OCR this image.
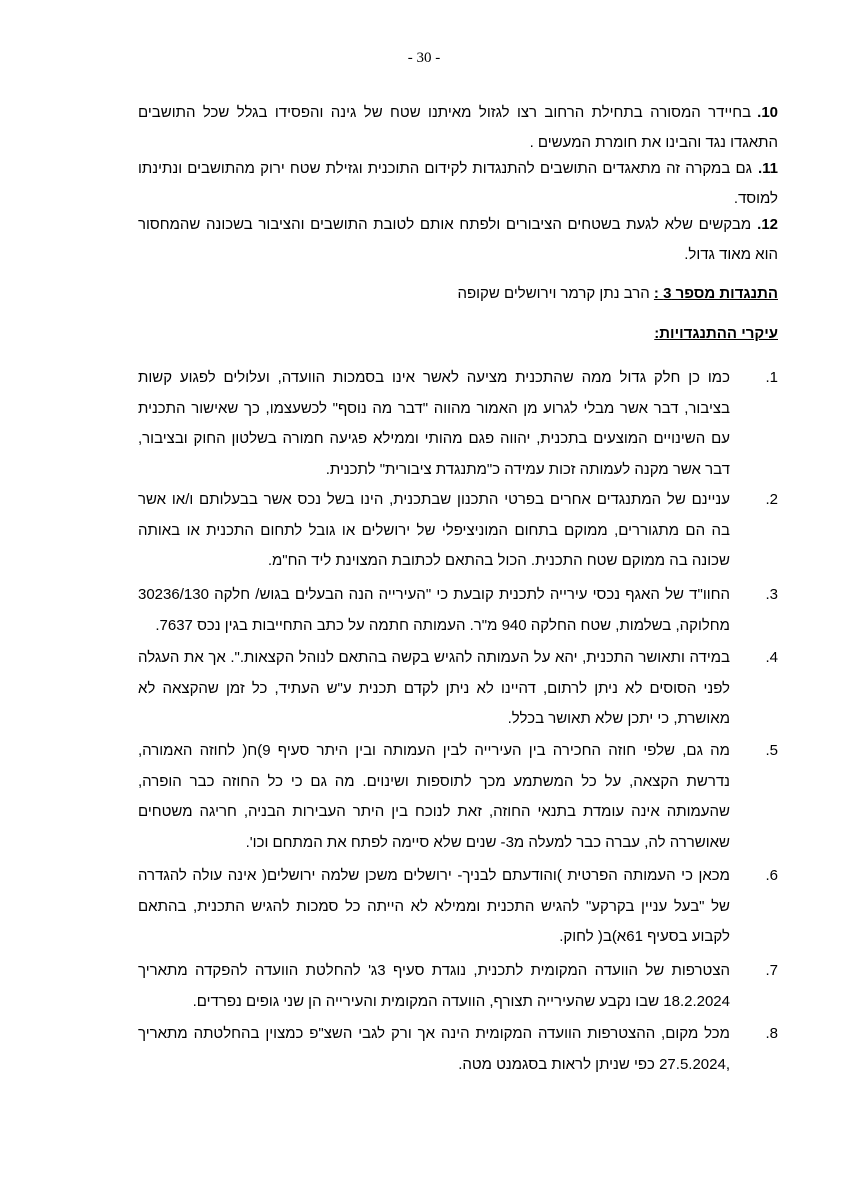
- 30 -
10.בחיידר המסורה בתחילת הרחוב רצו לגזול מאיתנו שטח של גינה והפסידו בגלל שכל התושבים התאגדו נגד והבינו את חומרת המעשים .
11.גם במקרה זה מתאגדים התושבים להתנגדות לקידום התוכנית וגזילת שטח ירוק מהתושבים ונתינתו למוסד.
12.מבקשים שלא לגעת בשטחים הציבורים ולפתח אותם לטובת התושבים והציבור בשכונה שהמחסור הוא מאוד גדול.
התנגדות מספר 3 : הרב נתן קרמר וירושלים שקופה
עיקרי ההתנגדויות:
1.
כמו כן חלק גדול ממה שהתכנית מציעה לאשר אינו בסמכות הוועדה, ועלולים לפגוע קשות בציבור, דבר אשר מבלי לגרוע מן האמור מהווה "דבר מה נוסף" לכשעצמו, כך שאישור התכנית עם השינויים המוצעים בתכנית, יהווה פגם מהותי וממילא פגיעה חמורה בשלטון החוק ובציבור, דבר אשר מקנה לעמותה זכות עמידה כ"מתנגדת ציבורית" לתכנית.
2.
עניינם של המתנגדים אחרים בפרטי התכנון שבתכנית, הינו בשל נכס אשר בבעלותם ו/או אשר בה הם מתגוררים, ממוקם בתחום המוניציפלי של ירושלים או גובל לתחום התכנית או באותה שכונה בה ממוקם שטח התכנית. הכול בהתאם לכתובת המצוינת ליד הח"מ.
3.
החוו"ד של האגף נכסי עירייה לתכנית קובעת כי "העירייה הנה הבעלים בגוש/ חלקה 30236/130 מחלוקה, בשלמות, שטח החלקה 940 מ"ר. העמותה חתמה על כתב התחייבות בגין נכס 7637.
4.
במידה ותאושר התכנית, יהא על העמותה להגיש בקשה בהתאם לנוהל הקצאות.". אך את העגלה לפני הסוסים לא ניתן לרתום, דהיינו לא ניתן לקדם תכנית ע"ש העתיד, כל זמן שהקצאה לא מאושרת, כי יתכן שלא תאושר בכלל.
5.
מה גם, שלפי חוזה החכירה בין העירייה לבין העמותה ובין היתר סעיף 9)ח( לחוזה האמורה, נדרשת הקצאה, על כל המשתמע מכך לתוספות ושינוים. מה גם כי כל החוזה כבר הופרה, שהעמותה אינה עומדת בתנאי החוזה, זאת לנוכח בין היתר העבירות הבניה, חריגה משטחים שאושררה לה, עברה כבר למעלה מ3- שנים שלא סיימה לפתח את המתחם וכו'.
6.
מכאן כי העמותה הפרטית )והודעתם לבניך- ירושלים משכן שלמה ירושלים( אינה עולה להגדרה של "בעל עניין בקרקע" להגיש התכנית וממילא לא הייתה כל סמכות להגיש התכנית, בהתאם לקבוע בסעיף 61א)ב( לחוק.
7.
הצטרפות של הוועדה המקומית לתכנית, נוגדת סעיף 3ג' להחלטת הוועדה להפקדה מתאריך 18.2.2024 שבו נקבע שהעירייה תצורף, הוועדה המקומית והעירייה הן שני גופים נפרדים.
8.
מכל מקום, ההצטרפות הוועדה המקומית הינה אך ורק לגבי השצ"פ כמצוין בהחלטתה מתאריך ,27.5.2024 כפי שניתן לראות בסגמנט מטה.
